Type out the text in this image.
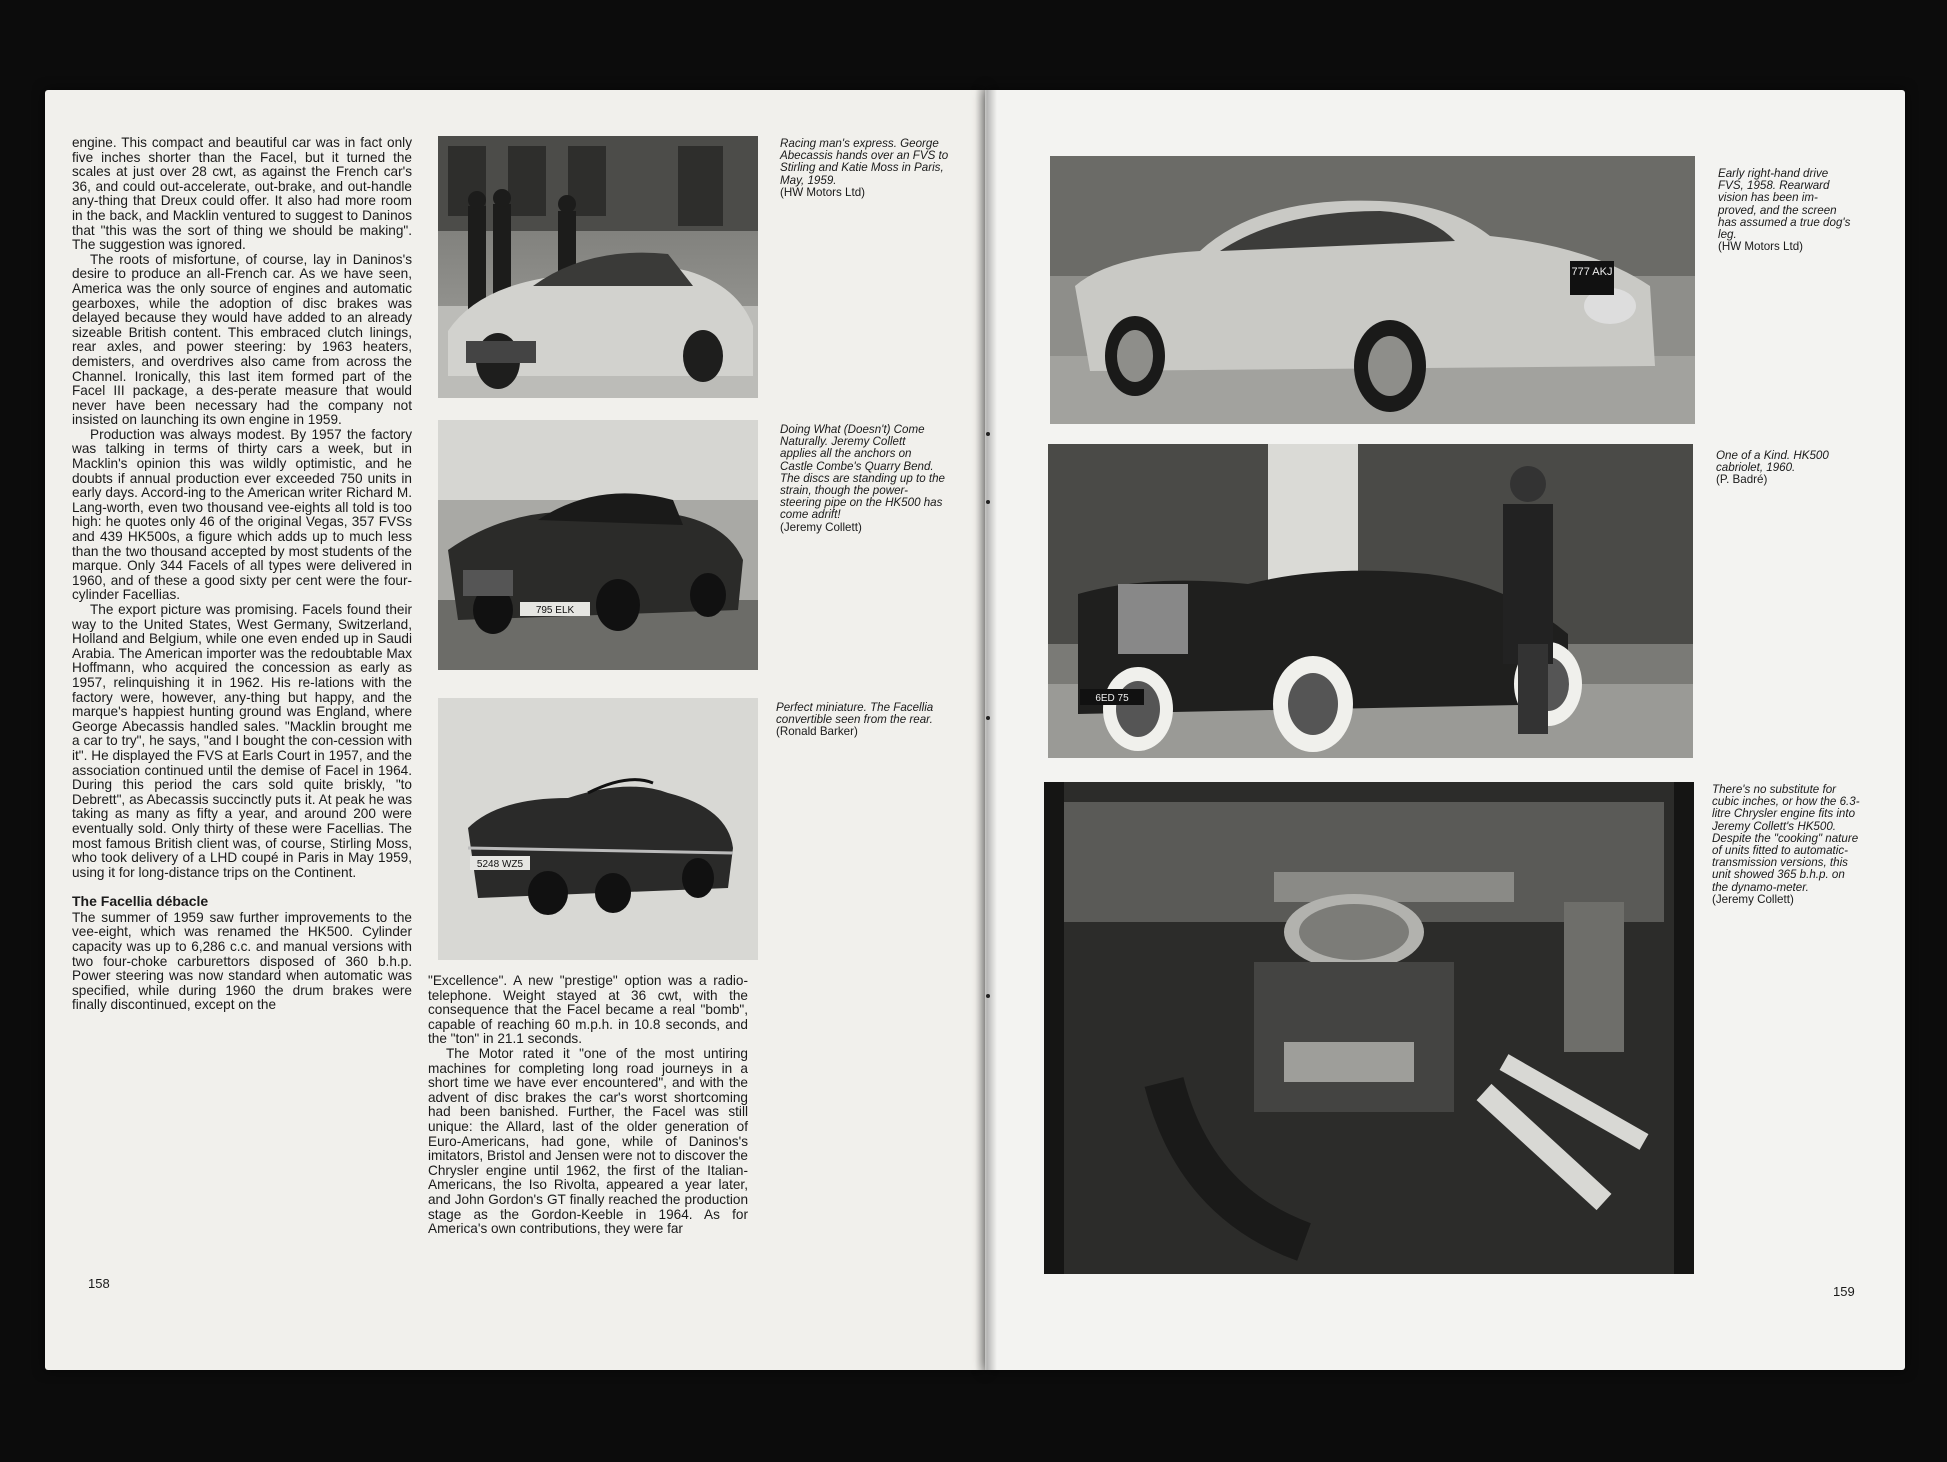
engine. This compact and beautiful car was in fact only five inches shorter than the Facel, but it turned the scales at just over 28 cwt, as against the French car's 36, and could out-accelerate, out-brake, and out-handle any-thing that Dreux could offer. It also had more room in the back, and Macklin ventured to suggest to Daninos that "this was the sort of thing we should be making". The suggestion was ignored.

The roots of misfortune, of course, lay in Daninos's desire to produce an all-French car. As we have seen, America was the only source of engines and automatic gearboxes, while the adoption of disc brakes was delayed because they would have added to an already sizeable British content. This embraced clutch linings, rear axles, and power steering: by 1963 heaters, demisters, and overdrives also came from across the Channel. Ironically, this last item formed part of the Facel III package, a des-perate measure that would never have been necessary had the company not insisted on launching its own engine in 1959.

Production was always modest. By 1957 the factory was talking in terms of thirty cars a week, but in Macklin's opinion this was wildly optimistic, and he doubts if annual production ever exceeded 750 units in early days. Accord-ing to the American writer Richard M. Lang-worth, even two thousand vee-eights all told is too high: he quotes only 46 of the original Vegas, 357 FVSs and 439 HK500s, a figure which adds up to much less than the two thousand accepted by most students of the marque. Only 344 Facels of all types were delivered in 1960, and of these a good sixty per cent were the four-cylinder Facellias.

The export picture was promising. Facels found their way to the United States, West Germany, Switzerland, Holland and Belgium, while one even ended up in Saudi Arabia. The American importer was the redoubtable Max Hoffmann, who acquired the concession as early as 1957, relinquishing it in 1962. His re-lations with the factory were, however, any-thing but happy, and the marque's happiest hunting ground was England, where George Abecassis handled sales. "Macklin brought me a car to try", he says, "and I bought the con-cession with it". He displayed the FVS at Earls Court in 1957, and the association continued until the demise of Facel in 1964. During this period the cars sold quite briskly, "to Debrett", as Abecassis succinctly puts it. At peak he was taking as many as fifty a year, and around 200 were eventually sold. Only thirty of these were Facellias. The most famous British client was, of course, Stirling Moss, who took delivery of a LHD coupé in Paris in May 1959, using it for long-distance trips on the Continent.

The Facellia débacle

The summer of 1959 saw further improvements to the vee-eight, which was renamed the HK500. Cylinder capacity was up to 6,286 c.c. and manual versions with two four-choke carburettors disposed of 360 b.h.p. Power steering was now standard when automatic was specified, while during 1960 the drum brakes were finally discontinued, except on the

"Excellence". A new "prestige" option was a radio-telephone. Weight stayed at 36 cwt, with the consequence that the Facel became a real "bomb", capable of reaching 60 m.p.h. in 10.8 seconds, and the "ton" in 21.1 seconds.

The Motor rated it "one of the most untiring machines for completing long road journeys in a short time we have ever encountered", and with the advent of disc brakes the car's worst shortcoming had been banished. Further, the Facel was still unique: the Allard, last of the older generation of Euro-Americans, had gone, while of Daninos's imitators, Bristol and Jensen were not to discover the Chrysler engine until 1962, the first of the Italian-Americans, the Iso Rivolta, appeared a year later, and John Gordon's GT finally reached the production stage as the Gordon-Keeble in 1964. As for America's own contributions, they were far

795 ELK
5248 WZ5
Racing man's express. George Abecassis hands over an FVS to Stirling and Katie Moss in Paris, May, 1959.
(HW Motors Ltd)
Doing What (Doesn't) Come Naturally. Jeremy Collett applies all the anchors on Castle Combe's Quarry Bend. The discs are standing up to the strain, though the power-steering pipe on the HK500 has come adrift!
(Jeremy Collett)
Perfect miniature. The Facellia convertible seen from the rear.
(Ronald Barker)
158
777 AKJ
6ED 75
Early right-hand drive FVS, 1958. Rearward vision has been im-proved, and the screen has assumed a true dog's leg.
(HW Motors Ltd)
One of a Kind. HK500 cabriolet, 1960.
(P. Badré)
There's no substitute for cubic inches, or how the 6.3-litre Chrysler engine fits into Jeremy Collett's HK500. Despite the "cooking" nature of units fitted to automatic-transmission versions, this unit showed 365 b.h.p. on the dynamo-meter.
(Jeremy Collett)
159
